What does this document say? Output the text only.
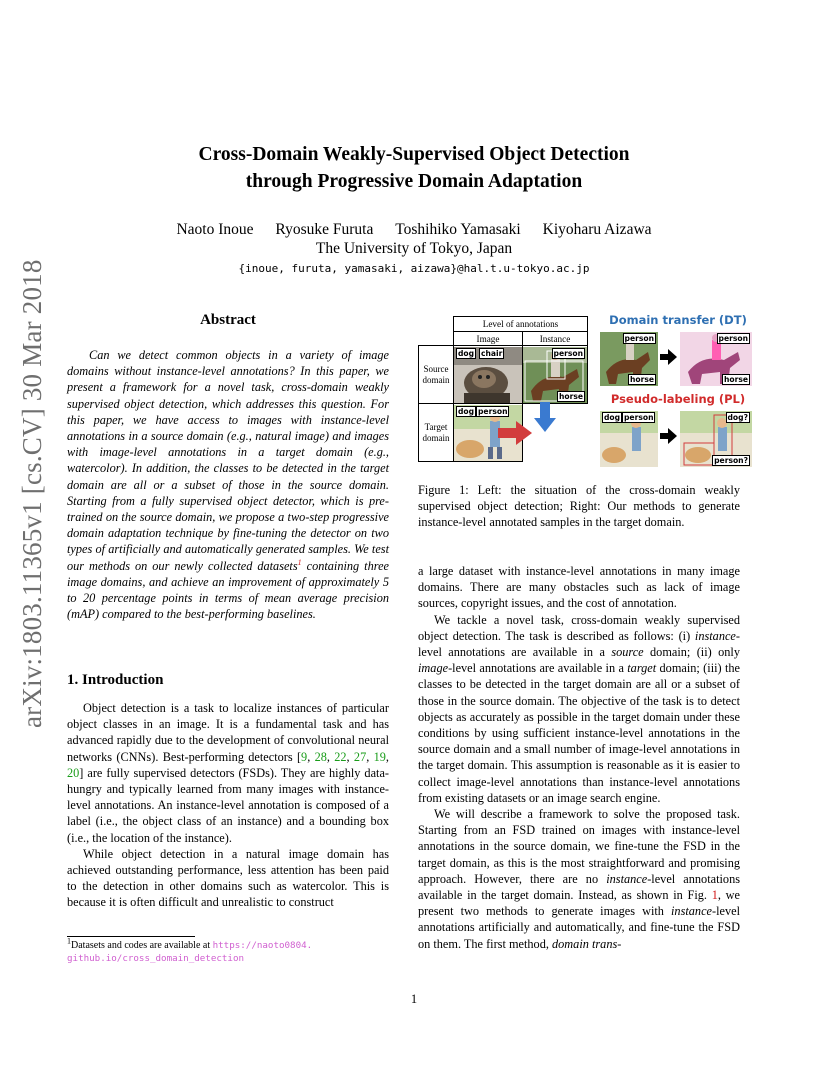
arXiv:1803.11365v1 [cs.CV] 30 Mar 2018
Cross-Domain Weakly-Supervised Object Detection
through Progressive Domain Adaptation
Naoto Inoue Ryosuke Furuta Toshihiko Yamasaki Kiyoharu Aizawa
The University of Tokyo, Japan
{inoue, furuta, yamasaki, aizawa}@hal.t.u-tokyo.ac.jp
Abstract

Can we detect common objects in a variety of image domains without instance-level annotations? In this paper, we present a framework for a novel task, cross-domain weakly supervised object detection, which addresses this question. For this paper, we have access to images with instance-level annotations in a source domain (e.g., natural image) and images with image-level annotations in a target domain (e.g., watercolor). In addition, the classes to be detected in the target domain are all or a subset of those in the source domain. Starting from a fully supervised object detector, which is pre-trained on the source domain, we propose a two-step progressive domain adaptation technique by fine-tuning the detector on two types of artificially and automatically generated samples. We test our methods on our newly collected datasets$^1$ containing three image domains, and achieve an improvement of approximately 5 to 20 percentage points in terms of mean average precision (mAP) compared to the best-performing baselines.

1. Introduction

Object detection is a task to localize instances of particular object classes in an image. It is a fundamental task and has advanced rapidly due to the development of convolutional neural networks (CNNs). Best-performing detectors [9, 28, 22, 27, 19, 20] are fully supervised detectors (FSDs). They are highly data-hungry and typically learned from many images with instance-level annotations. An instance-level annotation is composed of a label (i.e., the object class of an instance) and a bounding box (i.e., the location of the instance).

While object detection in a natural image domain has achieved outstanding performance, less attention has been paid to the detection in other domains such as watercolor. This is because it is often difficult and unrealistic to construct

$^1$Datasets and codes are available at https://naoto0804.
github.io/cross_domain_detection
	Level of annotations	
	Image	Instance
Source
domain	dog chair	person
horse

Target
domain	dog person	

Domain transfer (DT)
person
horse
person
horse
Pseudo-labeling (PL)
dog person	dog?
person?

Figure 1: Left: the situation of the cross-domain weakly supervised object detection; Right: Our methods to generate instance-level annotated samples in the target domain.

a large dataset with instance-level annotations in many image domains. There are many obstacles such as lack of image sources, copyright issues, and the cost of annotation.

We tackle a novel task, cross-domain weakly supervised object detection. The task is described as follows: (i) instance-level annotations are available in a source domain; (ii) only image-level annotations are available in a target domain; (iii) the classes to be detected in the target domain are all or a subset of those in the source domain. The objective of the task is to detect objects as accurately as possible in the target domain under these conditions by using sufficient instance-level annotations in the source domain and a small number of image-level annotations in the target domain. This assumption is reasonable as it is easier to collect image-level annotations than instance-level annotations from existing datasets or an image search engine.

We will describe a framework to solve the proposed task. Starting from an FSD trained on images with instance-level annotations in the source domain, we fine-tune the FSD in the target domain, as this is the most straightforward and promising approach. However, there are no instance-level annotations available in the target domain. Instead, as shown in Fig. 1, we present two methods to generate images with instance-level annotations artificially and automatically, and fine-tune the FSD on them. The first method, domain trans-

1
